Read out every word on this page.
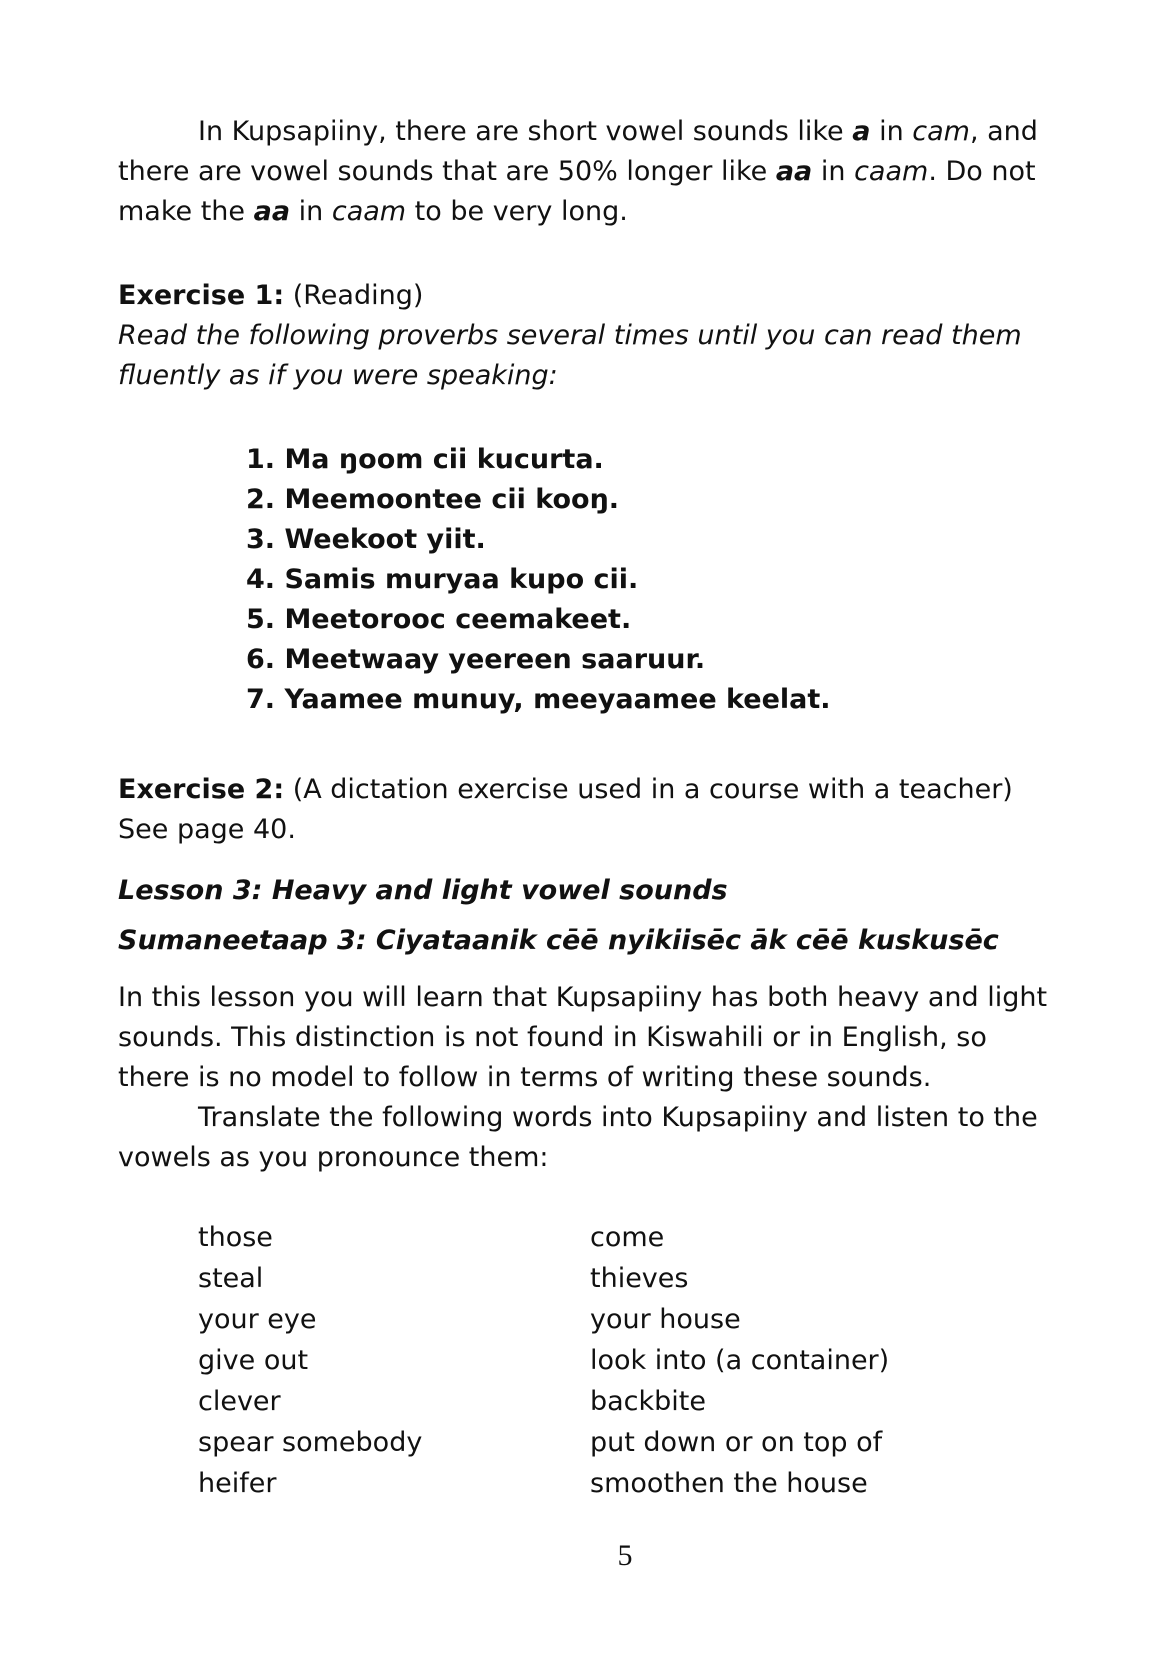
In Kupsapiiny, there are short vowel sounds like a in cam, and there are vowel sounds that are 50% longer like aa in caam. Do not make the aa in caam to be very long.

Exercise 1: (Reading)

Read the following proverbs several times until you can read them fluently as if you were speaking:

1. Ma ŋoom cii kucurta.
2. Meemoontee cii kooŋ.
3. Weekoot yiit.
4. Samis muryaa kupo cii.
5. Meetorooc ceemakeet.
6. Meetwaay yeereen saaruur.
7. Yaamee munuy, meeyaamee keelat.

Exercise 2: (A dictation exercise used in a course with a teacher)

See page 40.

Lesson 3: Heavy and light vowel sounds

Sumaneetaap 3: Ciyataanik cēē nyikiisēc āk cēē kuskusēc

In this lesson you will learn that Kupsapiiny has both heavy and light sounds. This distinction is not found in Kiswahili or in English, so there is no model to follow in terms of writing these sounds.

Translate the following words into Kupsapiiny and listen to the vowels as you pronounce them:

those	come
steal	thieves
your eye	your house
give out	look into (a container)
clever	backbite
spear somebody	put down or on top of
heifer	smoothen the house
5
